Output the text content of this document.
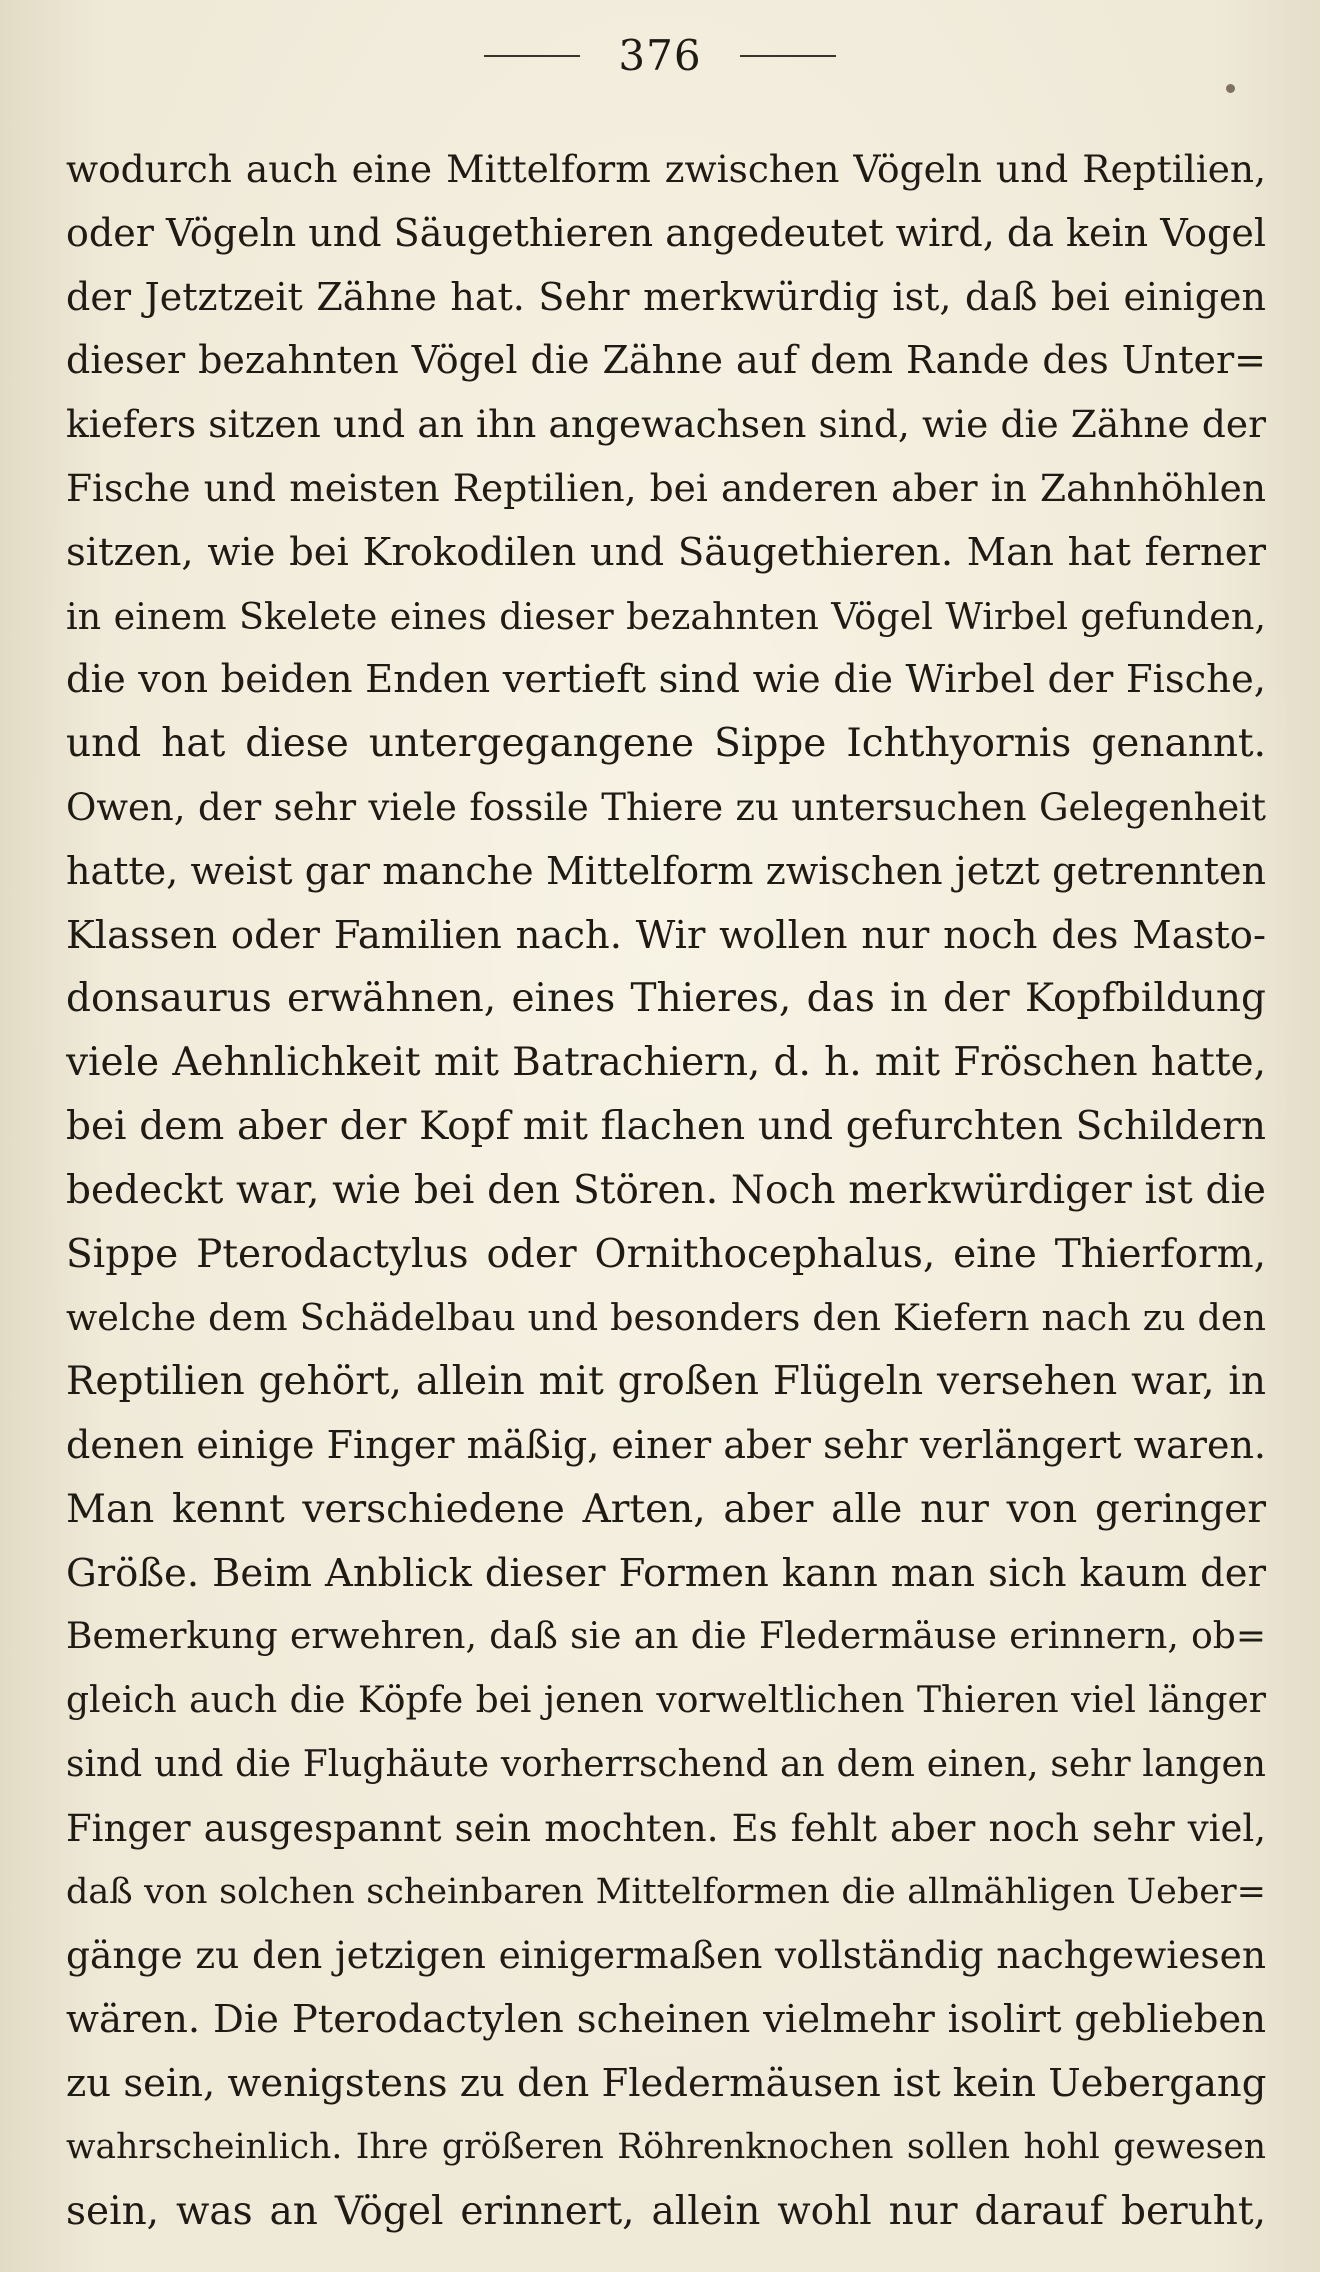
376
wodurch auch eine Mittelform zwischen Vögeln und Reptilien,
oder Vögeln und Säugethieren angedeutet wird, da kein Vogel
der Jetztzeit Zähne hat. Sehr merkwürdig ist, daß bei einigen
dieser bezahnten Vögel die Zähne auf dem Rande des Unter=
kiefers sitzen und an ihn angewachsen sind, wie die Zähne der
Fische und meisten Reptilien, bei anderen aber in Zahnhöhlen
sitzen, wie bei Krokodilen und Säugethieren. Man hat ferner
in einem Skelete eines dieser bezahnten Vögel Wirbel gefunden,
die von beiden Enden vertieft sind wie die Wirbel der Fische,
und hat diese untergegangene Sippe Ichthyornis genannt.
Owen, der sehr viele fossile Thiere zu untersuchen Gelegenheit
hatte, weist gar manche Mittelform zwischen jetzt getrennten
Klassen oder Familien nach. Wir wollen nur noch des Masto-
donsaurus erwähnen, eines Thieres, das in der Kopfbildung
viele Aehnlichkeit mit Batrachiern, d. h. mit Fröschen hatte,
bei dem aber der Kopf mit flachen und gefurchten Schildern
bedeckt war, wie bei den Stören. Noch merkwürdiger ist die
Sippe Pterodactylus oder Ornithocephalus, eine Thierform,
welche dem Schädelbau und besonders den Kiefern nach zu den
Reptilien gehört, allein mit großen Flügeln versehen war, in
denen einige Finger mäßig, einer aber sehr verlängert waren.
Man kennt verschiedene Arten, aber alle nur von geringer
Größe. Beim Anblick dieser Formen kann man sich kaum der
Bemerkung erwehren, daß sie an die Fledermäuse erinnern, ob=
gleich auch die Köpfe bei jenen vorweltlichen Thieren viel länger
sind und die Flughäute vorherrschend an dem einen, sehr langen
Finger ausgespannt sein mochten. Es fehlt aber noch sehr viel,
daß von solchen scheinbaren Mittelformen die allmähligen Ueber=
gänge zu den jetzigen einigermaßen vollständig nachgewiesen
wären. Die Pterodactylen scheinen vielmehr isolirt geblieben
zu sein, wenigstens zu den Fledermäusen ist kein Uebergang
wahrscheinlich. Ihre größeren Röhrenknochen sollen hohl gewesen
sein, was an Vögel erinnert, allein wohl nur darauf beruht,
